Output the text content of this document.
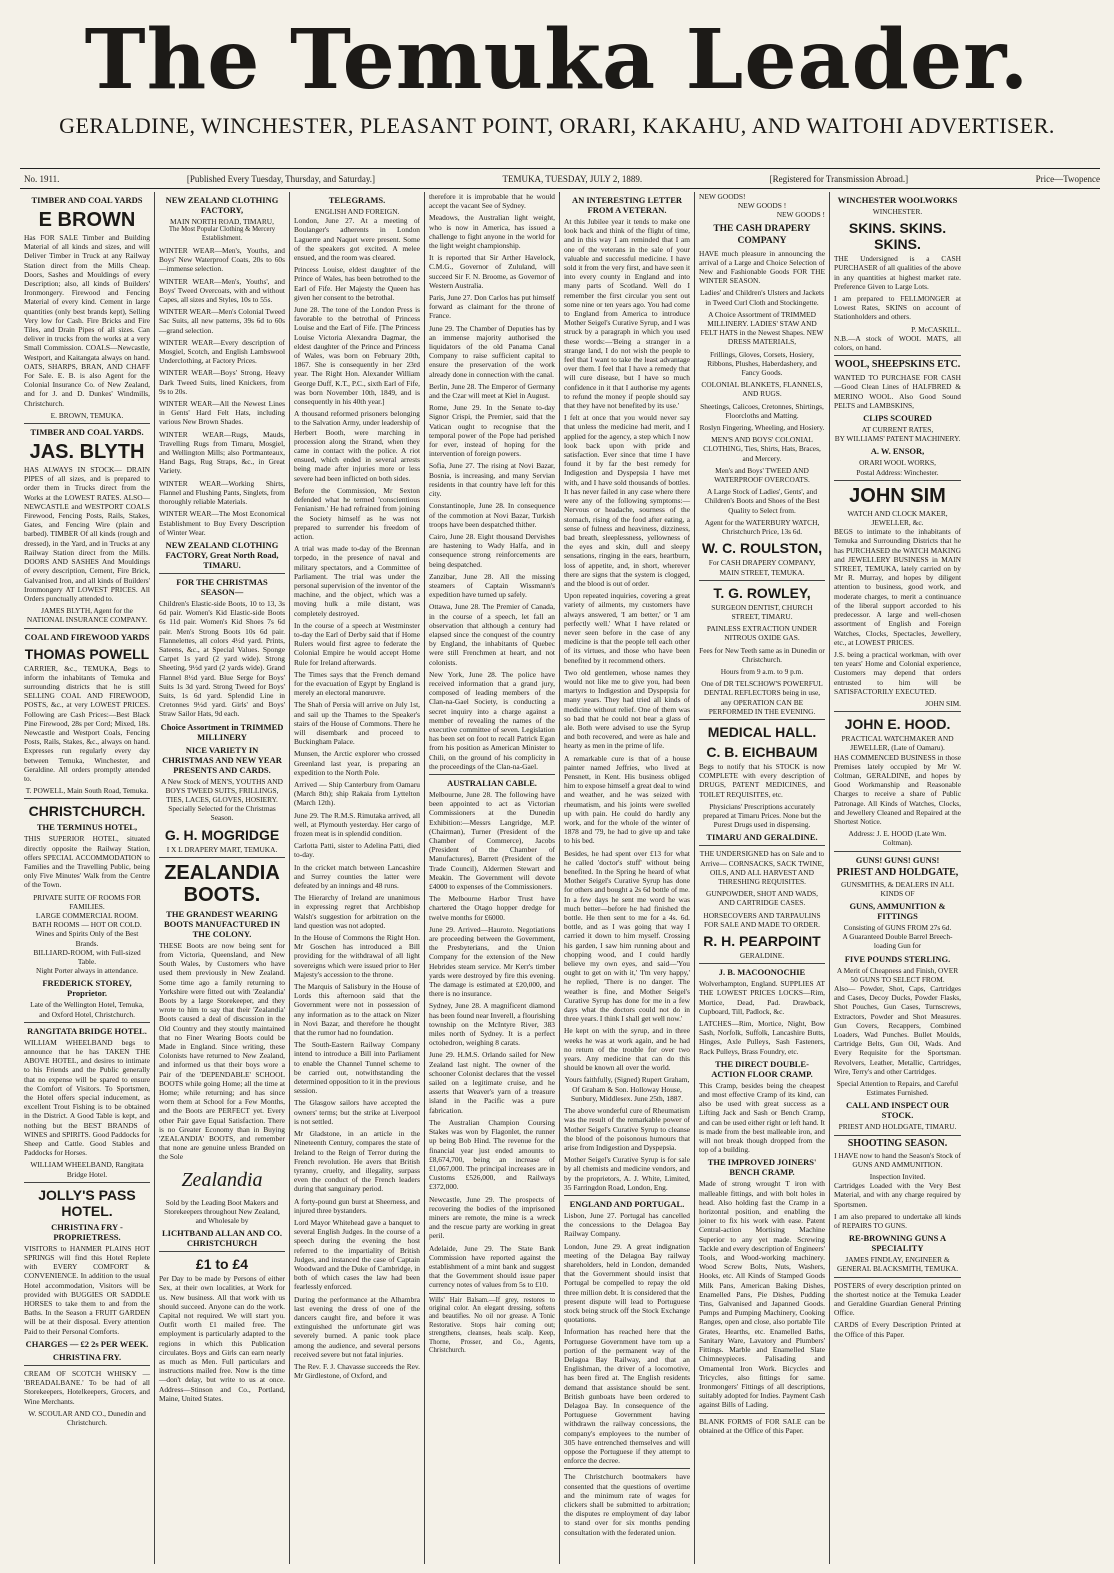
The Temuka Leader.
GERALDINE, WINCHESTER, PLEASANT POINT, ORARI, KAKAHU, AND WAITOHI ADVERTISER.
No. 1911.	[Published Every Tuesday, Thursday, and Saturday.]	TEMUKA, TUESDAY, JULY 2, 1889.	[Registered for Transmission Abroad.]	Price—Twopence
TIMBER AND COAL YARDS
E BROWN

Has FOR SALE Timber and Building Material of all kinds and sizes, and will Deliver Timber in Truck at any Railway Station direct from the Mills Cheap. Doors, Sashes and Mouldings of every Description; also, all kinds of Builders' Ironmongery. Firewood and Fencing Material of every kind. Cement in large quantities (only best brands kept), Selling Very low for Cash. Fire Bricks and Fire Tiles, and Drain Pipes of all sizes. Can deliver in trucks from the works at a very Small Commission. COALS—Newcastle, Westport, and Kaitangata always on hand. OATS, SHARPS, BRAN, AND CHAFF For Sale. E. B. is also Agent for the Colonial Insurance Co. of New Zealand, and for J. and D. Dunkes' Windmills, Christchurch.

E. BROWN, TEMUKA.
TIMBER AND COAL YARDS.
JAS. BLYTH

HAS ALWAYS IN STOCK— DRAIN PIPES of all sizes, and is prepared to order them in Trucks direct from the Works at the LOWEST RATES. ALSO— NEWCASTLE and WESTPORT COALS Firewood, Fencing Posts, Rails, Stakes, Gates, and Fencing Wire (plain and barbed). TIMBER Of all kinds (rough and dressed), in the Yard, and in Trucks at any Railway Station direct from the Mills. DOORS AND SASHES And Mouldings of every description, Cement, Fire Brick, Galvanised Iron, and all kinds of Builders' Ironmongery AT LOWEST PRICES. All Orders punctually attended to.

JAMES BLYTH, Agent for the NATIONAL INSURANCE COMPANY.
COAL AND FIREWOOD YARDS
THOMAS POWELL

CARRIER, &c., TEMUKA, Begs to inform the inhabitants of Temuka and surrounding districts that he is still SELLING COAL AND FIREWOOD, POSTS, &c., at very LOWEST PRICES. Following are Cash Prices:—Best Black Pine Firewood, 28s per Cord; Mixed, 18s. Newcastle and Westport Coals, Fencing Posts, Rails, Stakes, &c., always on hand. Expresses run regularly every day between Temuka, Winchester, and Geraldine. All orders promptly attended to.

T. POWELL, Main South Road, Temuka.
CHRISTCHURCH.
THE TERMINUS HOTEL,

THIS SUPERIOR HOTEL, situated directly opposite the Railway Station, offers SPECIAL ACCOMMODATION to Families and the Travelling Public, being only Five Minutes' Walk from the Centre of the Town.

PRIVATE SUITE OF ROOMS FOR FAMILIES.
LARGE COMMERCIAL ROOM.
BATH ROOMS — HOT OR COLD.
Wines and Spirits Only of the Best Brands.
BILLIARD-ROOM, with Full-sized Table.
Night Porter always in attendance.
FREDERICK STOREY, Proprietor.

Late of the Wellington Hotel, Temuka, and Oxford Hotel, Christchurch.

RANGITATA BRIDGE HOTEL.

WILLIAM WHEELBAND begs to announce that he has TAKEN THE ABOVE HOTEL, and desires to intimate to his Friends and the Public generally that no expense will be spared to ensure the Comfort of Visitors. To Sportsmen, the Hotel offers special inducement, as excellent Trout Fishing is to be obtained in the District. A Good Table is kept, and nothing but the BEST BRANDS of WINES and SPIRITS. Good Paddocks for Sheep and Cattle. Good Stables and Paddocks for Horses.

WILLIAM WHEELBAND, Rangitata Bridge Hotel.
JOLLY'S PASS HOTEL.
CHRISTINA FRY - PROPRIETRESS.

VISITORS to HANMER PLAINS HOT SPRINGS will find this Hotel Replete with EVERY COMFORT & CONVENIENCE. In addition to the usual Hotel accommodation, Visitors will be provided with BUGGIES OR SADDLE HORSES to take them to and from the Baths. In the Season a FRUIT GARDEN will be at their disposal. Every attention Paid to their Personal Comforts.

CHARGES — £2 2s PER WEEK.
CHRISTINA FRY.

CREAM OF SCOTCH WHISKY — 'BREADALBANE.' To be had of all Storekeepers, Hotelkeepers, Grocers, and Wine Merchants.

W. SCOULAR AND CO., Dunedin and Christchurch.
NEW ZEALAND CLOTHING FACTORY,
MAIN NORTH ROAD, TIMARU,

The Most Popular Clothing & Mercery Establishment.

WINTER WEAR—Men's, Youths, and Boys' New Waterproof Coats, 20s to 60s—immense selection.

WINTER WEAR—Men's, Youths', and Boys' Tweed Overcoats, with and without Capes, all sizes and Styles, 10s to 55s.

WINTER WEAR—Men's Colonial Tweed Sac Suits, all new patterns, 39s 6d to 60s—grand selection.

WINTER WEAR—Every description of Mosgiel, Scotch, and English Lambswool Underclothing, at Factory Prices.

WINTER WEAR—Boys' Strong, Heavy Dark Tweed Suits, lined Knickers, from 9s to 20s.

WINTER WEAR—All the Newest Lines in Gents' Hard Felt Hats, including various New Brown Shades.

WINTER WEAR—Rugs, Mauds, Travelling Rugs from Timaru, Mosgiel, and Wellington Mills; also Portmanteaux, Hand Bags, Rug Straps, &c., in Great Variety.

WINTER WEAR—Working Shirts, Flannel and Flushing Pants, Singlets, from thoroughly reliable Materials.

WINTER WEAR—The Most Economical Establishment to Buy Every Description of Winter Wear.

NEW ZEALAND CLOTHING FACTORY, Great North Road, TIMARU.
FOR THE CHRISTMAS SEASON—

Children's Elastic-side Boots, 10 to 13, 3s 6d pair. Women's Kid Elastic-side Boots 6s 11d pair. Women's Kid Shoes 7s 6d pair. Men's Strong Boots 10s 6d pair. Flannelettes, all colors 4½d yard. Prints, Sateens, &c., at Special Values. Sponge Carpet 1s yard (2 yard wide). Strong Sheeting, 9½d yard (2 yards wide). Grand Flannel 8½d yard. Blue Serge for Boys' Suits 1s 3d yard. Strong Tweed for Boys' Suits, 1s 6d yard. Splendid Line in Cretonnes 9½d yard. Girls' and Boys' Straw Sailor Hats, 9d each.

Choice Assortment in TRIMMED MILLINERY
NICE VARIETY IN CHRISTMAS AND NEW YEAR PRESENTS AND CARDS.

A New Stock of MEN'S, YOUTHS AND BOYS TWEED SUITS, FRILLINGS, TIES, LACES, GLOVES, HOSIERY. Specially Selected for the Christmas Season.

G. H. MOGRIDGE
I X L DRAPERY MART, TEMUKA.
ZEALANDIA BOOTS.
THE GRANDEST WEARING BOOTS MANUFACTURED IN THE COLONY.

THESE Boots are now being sent for from Victoria, Queensland, and New South Wales, by Customers who have used them previously in New Zealand. Some time ago a family returning to Yorkshire were fitted out with 'Zealandia' Boots by a large Storekeeper, and they wrote to him to say that their 'Zealandia' Boots caused a deal of discussion in the Old Country and they stoutly maintained that no Finer Wearing Boots could be Made in England. Since writing, these Colonists have returned to New Zealand, and informed us that their boys wore a Pair of the 'DEPENDABLE' SCHOOL BOOTS while going Home; all the time at Home; while returning; and has since worn them at School for a Few Months, and the Boots are PERFECT yet. Every other Pair gave Equal Satisfaction. There is no Greater Economy than in Buying 'ZEALANDIA' BOOTS, and remember that none are genuine unless Branded on the Sole

Zealandia

Sold by the Leading Boot Makers and Storekeepers throughout New Zealand, and Wholesale by

LICHTBAND ALLAN AND CO. CHRISTCHURCH
£1 to £4

Per Day to be made by Persons of either Sex, at their own localities, at Work for us. New business. All that work with us should succeed. Anyone can do the work. Capital not required. We will start you. Outfit worth £1 mailed free. The employment is particularly adapted to the regions in which this Publication circulates. Boys and Girls can earn nearly as much as Men. Full particulars and instructions mailed free. Now is the time—don't delay, but write to us at once. Address—Stinson and Co., Portland, Maine, United States.

TELEGRAMS.
ENGLISH AND FOREIGN.

London, June 27. At a meeting of Boulanger's adherents in London Laguerre and Naquet were present. Some of the speakers got excited. A melee ensued, and the room was cleared.

Princess Louise, eldest daughter of the Prince of Wales, has been betrothed to the Earl of Fife. Her Majesty the Queen has given her consent to the betrothal.

June 28. The tone of the London Press is favorable to the betrothal of Princess Louise and the Earl of Fife. [The Princess Louise Victoria Alexandra Dagmar, the eldest daughter of the Prince and Princess of Wales, was born on February 20th, 1867. She is consequently in her 23rd year. The Right Hon. Alexander William George Duff, K.T., P.C., sixth Earl of Fife, was born November 10th, 1849, and is consequently in his 40th year.]

A thousand reformed prisoners belonging to the Salvation Army, under leadership of Herbert Booth, were marching in procession along the Strand, when they came in contact with the police. A riot ensued, which ended in several arrests being made after injuries more or less severe had been inflicted on both sides.

Before the Commission, Mr Sexton defended what he termed 'conscientious Fenianism.' He had refrained from joining the Society himself as he was not prepared to surrender his freedom of action.

A trial was made to-day of the Brennan torpedo, in the presence of naval and military spectators, and a Committee of Parliament. The trial was under the personal supervision of the inventor of the machine, and the object, which was a moving hulk a mile distant, was completely destroyed.

In the course of a speech at Westminster to-day the Earl of Derby said that if Home Rulers would first agree to federate the Colonial Empire he would accept Home Rule for Ireland afterwards.

The Times says that the French demand for the evacuation of Egypt by England is merely an electoral manœuvre.

The Shah of Persia will arrive on July 1st, and sail up the Thames to the Speaker's stairs of the House of Commons. There he will disembark and proceed to Buckingham Palace.

Munsen, the Arctic explorer who crossed Greenland last year, is preparing an expedition to the North Pole.

Arrived — Ship Canterbury from Oamaru (March 8th); ship Rakaia from Lyttelton (March 12th).

June 29. The R.M.S. Rimutaka arrived, all well, at Plymouth yesterday. Her cargo of frozen meat is in splendid condition.

Carlotta Patti, sister to Adelina Patti, died to-day.

In the cricket match between Lancashire and Surrey counties the latter were defeated by an innings and 48 runs.

The Hierarchy of Ireland are unanimous in expressing regret that Archbishop Walsh's suggestion for arbitration on the land question was not adopted.

In the House of Commons the Right Hon. Mr Goschen has introduced a Bill providing for the withdrawal of all light sovereigns which were issued prior to Her Majesty's accession to the throne.

The Marquis of Salisbury in the House of Lords this afternoon said that the Government were not in possession of any information as to the attack on Nizer in Novi Bazar, and therefore he thought that the rumor had no foundation.

The South-Eastern Railway Company intend to introduce a Bill into Parliament to enable the Channel Tunnel scheme to be carried out, notwithstanding the determined opposition to it in the previous session.

The Glasgow sailors have accepted the owners' terms; but the strike at Liverpool is not settled.

Mr Gladstone, in an article in the Nineteenth Century, compares the state of Ireland to the Reign of Terror during the French revolution. He avers that British tyranny, cruelty, and illegality, surpass even the conduct of the French leaders during that sanguinary period.

A forty-pound gun burst at Sheerness, and injured three bystanders.

Lord Mayor Whitehead gave a banquet to several English Judges. In the course of a speech during the evening the host referred to the impartiality of British Judges, and instanced the case of Captain Woodward and the Duke of Cambridge, in both of which cases the law had been fearlessly enforced.

During the performance at the Alhambra last evening the dress of one of the dancers caught fire, and before it was extinguished the unfortunate girl was severely burned. A panic took place among the audience, and several persons received severe but not fatal injuries.

The Rev. F. J. Chavasse succeeds the Rev. Mr Girdlestone, of Oxford, and

therefore it is improbable that he would accept the vacant See of Sydney.

Meadows, the Australian light weight, who is now in America, has issued a challenge to fight anyone in the world for the light weight championship.

It is reported that Sir Arther Havelock, C.M.G., Governor of Zululand, will succeed Sir F. N. Broome, as Governor of Western Australia.

Paris, June 27. Don Carlos has put himself forward as claimant for the throne of France.

June 29. The Chamber of Deputies has by an immense majority authorised the liquidators of the old Panama Canal Company to raise sufficient capital to ensure the preservation of the work already done in connection with the canal.

Berlin, June 28. The Emperor of Germany and the Czar will meet at Kiel in August.

Rome, June 29. In the Senate to-day Signor Crispi, the Premier, said that the Vatican ought to recognise that the temporal power of the Pope had perished for ever, instead of hoping for the intervention of foreign powers.

Sofia, June 27. The rising at Novi Bazar, Bosnia, is increasing, and many Servian residents in that country have left for this city.

Constantinople, June 28. In consequence of the commotion at Novi Bazar, Turkish troops have been despatched thither.

Cairo, June 28. Eight thousand Dervishes are hastening to Wady Halfa, and in consequence strong reinforcements are being despatched.

Zanzibar, June 28. All the missing steamers of Captain Wissmann's expedition have turned up safely.

Ottawa, June 28. The Premier of Canada, in the course of a speech, let fall an observation that although a century had elapsed since the conquest of the country by England, the inhabitants of Quebec were still Frenchmen at heart, and not colonists.

New York, June 28. The police have received information that a grand jury, composed of leading members of the Clan-na-Gael Society, is conducting a secret inquiry into a charge against a member of revealing the names of the executive committee of seven. Legislation has been set on foot to recall Patrick Egan from his position as American Minister to Chili, on the ground of his complicity in the proceedings of the Clan-na-Gael.

AUSTRALIAN CABLE.

Melbourne, June 28. The following have been appointed to act as Victorian Commissioners at the Dunedin Exhibition:—Messrs Langridge, M.P. (Chairman), Turner (President of the Chamber of Commerce), Jacobs (President of the Chamber of Manufactures), Barrett (President of the Trade Council), Aldermen Stewart and Meakin. The Government will devote £4000 to expenses of the Commissioners.

The Melbourne Harbor Trust have chartered the Otago hopper dredge for twelve months for £6000.

June 29. Arrived—Hauroto. Negotiations are proceeding between the Government, the Presbyterians, and the Union Company for the extension of the New Hebrides steam service. Mr Kerr's timber yards were destroyed by fire this evening. The damage is estimated at £20,000, and there is no insurance.

Sydney, June 28. A magnificent diamond has been found near Inverell, a flourishing township on the McIntyre River, 383 miles north of Sydney. It is a perfect octohedron, weighing 8 carats.

June 29. H.M.S. Orlando sailed for New Zealand last night. The owner of the schooner Colonist declares that the vessel sailed on a legitimate cruise, and he asserts that Weaver's yarn of a treasure island in the Pacific was a pure fabrication.

The Australian Champion Coursing Stakes was won by Flagonlet, the runner up being Bob Hind. The revenue for the financial year just ended amounts to £8,674,700, being an increase of £1,067,000. The principal increases are in Customs £526,000, and Railways £372,000.

Newcastle, June 29. The prospects of recovering the bodies of the imprisoned miners are remote, the mine is a wreck and the rescue party are working in great peril.

Adelaide, June 29. The State Bank Commission have reported against the establishment of a mint bank and suggest that the Government should issue paper currency notes of values from 5s to £10.

Wills' Hair Balsam.—If grey, restores to original color. An elegant dressing, softens and beautifies. No oil nor grease. A Tonic Restorative. Stops hair coming out; strengthens, cleanses, heals scalp. Keep, Thorne, Prosser, and Co., Agents, Christchurch.

AN INTERESTING LETTER FROM A VETERAN.

At this Jubilee year it tends to make one look back and think of the flight of time, and in this way I am reminded that I am one of the veterans in the sale of your valuable and successful medicine. I have sold it from the very first, and have seen it into every county in England and into many parts of Scotland. Well do I remember the first circular you sent out some nine or ten years ago. You had come to England from America to introduce Mother Seigel's Curative Syrup, and I was struck by a paragraph in which you used these words:—'Being a stranger in a strange land, I do not wish the people to feel that I want to take the least advantage over them. I feel that I have a remedy that will cure disease, but I have so much confidence in it that I authorise my agents to refund the money if people should say that they have not benefited by its use.'

I felt at once that you would never say that unless the medicine had merit, and I applied for the agency, a step which I now look back upon with pride and satisfaction. Ever since that time I have found it by far the best remedy for Indigestion and Dyspepsia I have met with, and I have sold thousands of bottles. It has never failed in any case where there were any of the following symptoms:—Nervous or headache, sourness of the stomach, rising of the food after eating, a sense of fulness and heaviness, dizziness, bad breath, sleeplessness, yellowness of the eyes and skin, dull and sleepy sensations, ringing in the ears, heartburn, loss of appetite, and, in short, wherever there are signs that the system is clogged, and the blood is out of order.

Upon repeated inquiries, covering a great variety of ailments, my customers have always answered, 'I am better,' or 'I am perfectly well.' What I have related or never seen before in the case of any medicine is that the people tell each other of its virtues, and those who have been benefited by it recommend others.

Two old gentlemen, whose names they would not like me to give you, had been martyrs to Indigestion and Dyspepsia for many years. They had tried all kinds of medicine without relief. One of them was so bad that he could not bear a glass of ale. Both were advised to use the Syrup and both recovered, and were as hale and hearty as men in the prime of life.

A remarkable cure is that of a house painter named Jeffries, who lived at Pensnett, in Kent. His business obliged him to expose himself a great deal to wind and weather, and he was seized with rheumatism, and his joints were swelled up with pain. He could do hardly any work, and for the whole of the winter of 1878 and '79, he had to give up and take to his bed.

Besides, he had spent over £13 for what he called 'doctor's stuff' without being benefited. In the Spring he heard of what Mother Seigel's Curative Syrup has done for others and bought a 2s 6d bottle of me. In a few days he sent me word he was much better—before he had finished the bottle. He then sent to me for a 4s. 6d. bottle, and as I was going that way I carried it down to him myself. Crossing his garden, I saw him running about and chopping wood, and I could hardly believe my own eyes, and said—'You ought to get on with it,' 'I'm very happy,' he replied, 'There is no danger. The weather is fine, and Mother Seigel's Curative Syrup has done for me in a few days what the doctors could not do in three years. I think I shall get well now.'

He kept on with the syrup, and in three weeks he was at work again, and he had no return of the trouble for over two years. Any medicine that can do this should be known all over the world.

Yours faithfully, (Signed) Rupert Graham, Of Graham & Son. Holloway House, Sunbury, Middlesex. June 25th, 1887.

The above wonderful cure of Rheumatism was the result of the remarkable power of Mother Seigel's Curative Syrup to cleanse the blood of the poisonous humours that arise from Indigestion and Dyspepsia.

Mother Seigel's Curative Syrup is for sale by all chemists and medicine vendors, and by the proprietors, A. J. White, Limited, 35 Farringdon Road, London, Eng.

ENGLAND AND PORTUGAL.

Lisbon, June 27. Portugal has cancelled the concessions to the Delagoa Bay Railway Company.

London, June 29. A great indignation meeting of the Delagoa Bay railway shareholders, held in London, demanded that the Government should insist that Portugal be compelled to repay the old three million debt. It is considered that the present dispute will lead to Portuguese stock being struck off the Stock Exchange quotations.

Information has reached here that the Portuguese Government have torn up a portion of the permanent way of the Delagoa Bay Railway, and that an Englishman, the driver of a locomotive, has been fired at. The English residents demand that assistance should be sent. British gunboats have been ordered to Delagoa Bay. In consequence of the Portuguese Government having withdrawn the railway concessions, the company's employees to the number of 305 have entrenched themselves and will oppose the Portuguese if they attempt to enforce the decree.

The Christchurch bootmakers have consented that the questions of overtime and the minimum rate of wages for clickers shall be submitted to arbitration; the disputes re employment of day labor to stand over for six months pending consultation with the federated union.

NEW GOODS!
NEW GOODS !
NEW GOODS !
THE CASH DRAPERY COMPANY

HAVE much pleasure in announcing the arrival of a Large and Choice Selection of New and Fashionable Goods FOR THE WINTER SEASON.

Ladies' and Children's Ulsters and Jackets in Tweed Curl Cloth and Stockingette.

A Choice Assortment of TRIMMED MILLINERY. LADIES' STAW AND FELT HATS in the Newest Shapes. NEW DRESS MATERIALS,

Frillings, Gloves, Corsets, Hosiery, Ribbons, Plushes, Haberdashery, and Fancy Goods.

COLONIAL BLANKETS, FLANNELS, AND RUGS.

Sheetings, Calicoes, Cretonnes, Shirtings, Floorcloths and Matting.

Roslyn Fingering, Wheeling, and Hosiery.

MEN'S AND BOYS' COLONIAL CLOTHING, Ties, Shirts, Hats, Braces, and Mercery.

Men's and Boys' TWEED AND WATERPROOF OVERCOATS.

A Large Stock of Ladies', Gents', and Children's Boots and Shoes of the Best Quality to Select from.

Agent for the WATERBURY WATCH, Christchurch Price, 13s 6d.

W. C. ROULSTON,

For CASH DRAPERY COMPANY, MAIN STREET, TEMUKA.

T. G. ROWLEY,

SURGEON DENTIST, CHURCH STREET, TIMARU.

PAINLESS EXTRACTION UNDER NITROUS OXIDE GAS.

Fees for New Teeth same as in Dunedin or Christchurch.

Hours from 9 a.m. to 9 p.m.

One of DR TELSCHOW'S POWERFUL DENTAL REFLECTORS being in use, any OPERATION CAN BE PERFORMED IN THE EVENING.

MEDICAL HALL.
C. B. EICHBAUM

Begs to notify that his STOCK is now COMPLETE with every description of DRUGS, PATENT MEDICINES, and TOILET REQUISITES, etc.

Physicians' Prescriptions accurately prepared at Timaru Prices. None but the Purest Drugs used in dispensing.

TIMARU AND GERALDINE.

THE UNDERSIGNED has on Sale and to Arrive— CORNSACKS, SACK TWINE, OILS, AND ALL HARVEST AND THRESHING REQUISITES.

GUNPOWDER, SHOT AND WADS, AND CARTRIDGE CASES.

HORSECOVERS AND TARPAULINS FOR SALE AND MADE TO ORDER.

R. H. PEARPOINT
GERALDINE.
J. B. MACOONOCHIE

Wolverhampton, England. SUPPLIES AT THE LOWEST PRICES LOCKS—Rim, Mortice, Dead, Pad. Drawback, Cupboard, Till, Padlock, &c.

LATCHES—Rim, Mortice, Night, Bow Sash, Norfolk, Suffolk, Lancashire Butts, Hinges, Axle Pulleys, Sash Fasteners, Rack Pulleys, Brass Foundry, etc.

THE DIRECT DOUBLE-ACTION FLOOR CRAMP.

This Cramp, besides being the cheapest and most effective Cramp of its kind, can also be used with great success as a Lifting Jack and Sash or Bench Cramp, and can be used either right or left hand. It is made from the best malleable iron, and will not break though dropped from the top of a building.

THE IMPROVED JOINERS' BENCH CRAMP.

Made of strong wrought T iron with malleable fittings, and with bolt holes in head. Also holding fast the Cramp in a horizontal position, and enabling the joiner to fix his work with ease. Patent Central-action Mortising Machine Superior to any yet made. Screwing Tackle and every description of Engineers' Tools, and Wood-working machinery. Wood Screw Bolts, Nuts, Washers, Hooks, etc. All Kinds of Stamped Goods Milk Pans, American Baking Dishes, Enamelled Pans, Pie Dishes, Pudding Tins, Galvanised and Japanned Goods. Pumps and Pumping Machinery, Cooking Ranges, open and close, also portable Tile Grates, Hearths, etc. Enamelled Baths, Sanitary Ware, Lavatory and Plumbers' Fittings. Marble and Enamelled Slate Chimneypieces. Palisading and Ornamental Iron Work. Bicycles and Tricycles, also fittings for same. Ironmongers' Fittings of all descriptions, suitably adopted for Indies. Payment Cash against Bills of Lading.

BLANK FORMS of FOR SALE can be obtained at the Office of this Paper.

WINCHESTER WOOLWORKS
WINCHESTER.
SKINS. SKINS. SKINS.

THE Undersigned is a CASH PURCHASER of all qualities of the above in any quantities at highest market rate. Preference Given to Large Lots.

I am prepared to FELLMONGER at Lowest Rates, SKINS on account of Stationholders and others.

P. McCASKILL.

N.B.—A stock of WOOL MATS, all colors, on hand.

WOOL, SHEEPSKINS ETC.

WANTED TO PURCHASE FOR CASH—Good Clean Lines of HALFBRED & MERINO WOOL. Also Good Sound PELTS and LAMBSKINS,

CLIPS SCOURED
AT CURRENT RATES,
BY WILLIAMS' PATENT MACHINERY.
A. W. ENSOR,
ORARI WOOL WORKS,
Postal Address: Winchester.
JOHN SIM
WATCH AND CLOCK MAKER, JEWELLER, &c.

BEGS to intimate to the inhabitants of Temuka and Surrounding Districts that he has PURCHASED the WATCH MAKING and JEWELLERY BUSINESS in MAIN STREET, TEMUKA, lately carried on by Mr R. Murray, and hopes by diligent attention to business, good work, and moderate charges, to merit a continuance of the liberal support accorded to his predecessor. A large and well-chosen assortment of English and Foreign Watches, Clocks, Spectacles, Jewellery, etc., at LOWEST PRICES.

J.S. being a practical workman, with over ten years' Home and Colonial experience, Customers may depend that orders entrusted to him will be SATISFACTORILY EXECUTED.

JOHN SIM.
JOHN E. HOOD.
PRACTICAL WATCHMAKER AND JEWELLER, (Late of Oamaru).

HAS COMMENCED BUSINESS in those Premises lately occupied by Mr W. Coltman, GERALDINE, and hopes by Good Workmanship and Reasonable Charges to receive a share of Public Patronage. All Kinds of Watches, Clocks, and Jewellery Cleaned and Repaired at the Shortest Notice.

Address: J. E. HOOD (Late Wm. Coltman).
GUNS! GUNS! GUNS!
PRIEST AND HOLDGATE,
GUNSMITHS, & DEALERS IN ALL KINDS OF
GUNS, AMMUNITION & FITTINGS
Consisting of GUNS FROM 27s 6d.
A Guaranteed Double Barrel Breech-loading Gun for
FIVE POUNDS STERLING.
A Merit of Cheapness and Finish, OVER 50 GUNS TO SELECT FROM.

Also— Powder, Shot, Caps, Cartridges and Cases, Decoy Ducks, Powder Flasks, Shot Pouches, Gun Cases, Turnscrews, Extractors, Powder and Shot Measures. Gun Covers, Recappers, Combined Loaders, Wad Punches. Bullet Moulds, Cartridge Belts, Gun Oil, Wads. And Every Requisite for the Sportsman. Revolvers, Leather, Metallic, Cartridges, Wire, Terry's and other Cartridges.

Special Attention to Repairs, and Careful Estimates Furnished.
CALL AND INSPECT OUR STOCK.
PRIEST AND HOLDGATE, TIMARU.
SHOOTING SEASON.

I HAVE now to hand the Season's Stock of GUNS AND AMMUNITION.

Inspection Invited.

Cartridges Loaded with the Very Best Material, and with any charge required by Sportsmen.

I am also prepared to undertake all kinds of REPAIRS TO GUNS.

RE-BROWNING GUNS A SPECIALITY
JAMES FINDLAY, ENGINEER & GENERAL BLACKSMITH, TEMUKA.

POSTERS of every description printed on the shortest notice at the Temuka Leader and Geraldine Guardian General Printing Office.

CARDS of Every Description Printed at the Office of this Paper.
